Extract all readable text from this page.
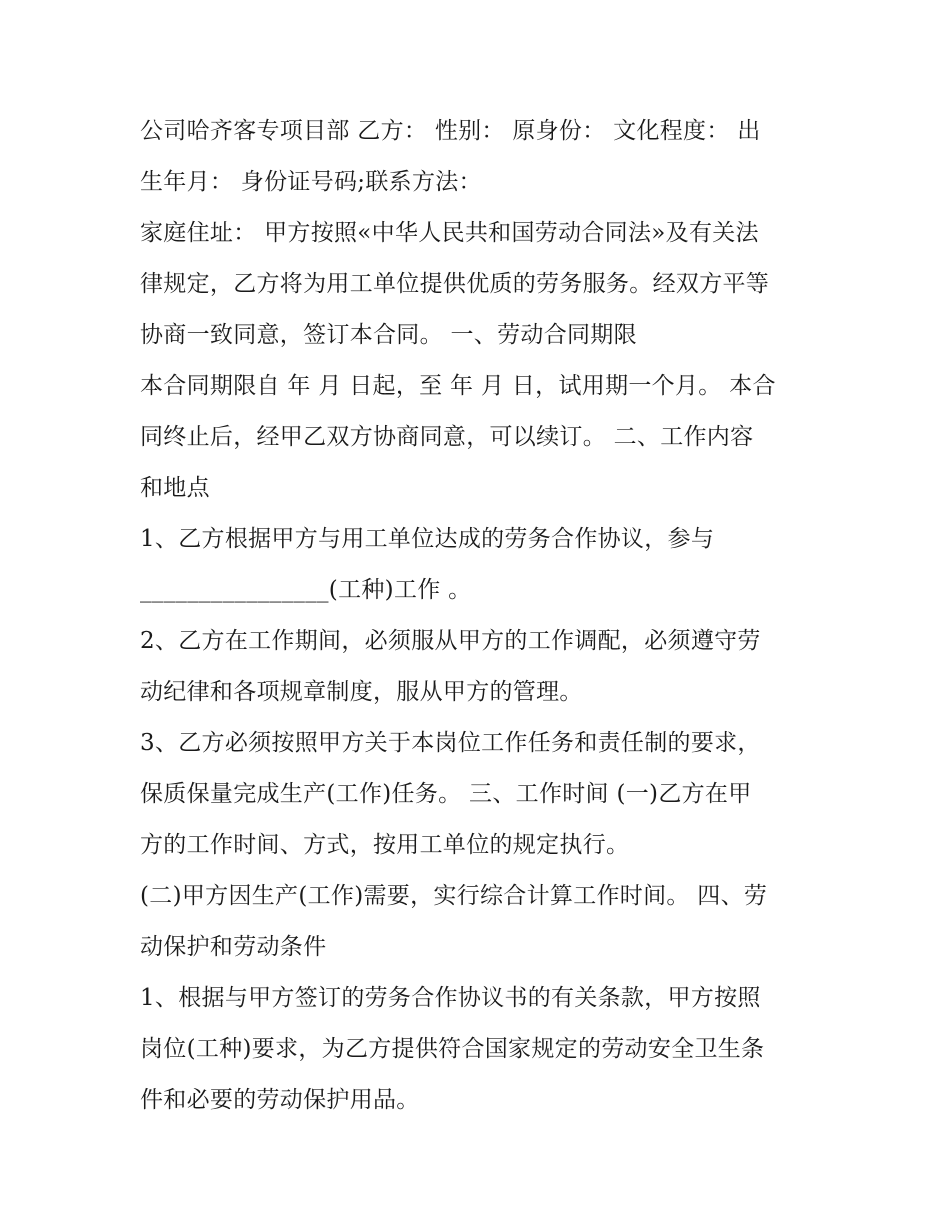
公司哈齐客专项目部 乙方： 性别： 原身份： 文化程度： 出
生年月： 身份证号码;联系方法：
家庭住址： 甲方按照«中华人民共和国劳动合同法»及有关法
律规定，乙方将为用工单位提供优质的劳务服务。经双方平等
协商一致同意，签订本合同。 一、劳动合同期限
本合同期限自 年 月 日起，至 年 月 日，试用期一个月。 本合
同终止后，经甲乙双方协商同意，可以续订。 二、工作内容
和地点
1、乙方根据甲方与用工单位达成的劳务合作协议，参与
________________(工种)工作 。
2、乙方在工作期间，必须服从甲方的工作调配，必须遵守劳
动纪律和各项规章制度，服从甲方的管理。
3、乙方必须按照甲方关于本岗位工作任务和责任制的要求，
保质保量完成生产(工作)任务。 三、工作时间 (一)乙方在甲
方的工作时间、方式，按用工单位的规定执行。
(二)甲方因生产(工作)需要，实行综合计算工作时间。 四、劳
动保护和劳动条件
1、根据与甲方签订的劳务合作协议书的有关条款，甲方按照
岗位(工种)要求，为乙方提供符合国家规定的劳动安全卫生条
件和必要的劳动保护用品。
